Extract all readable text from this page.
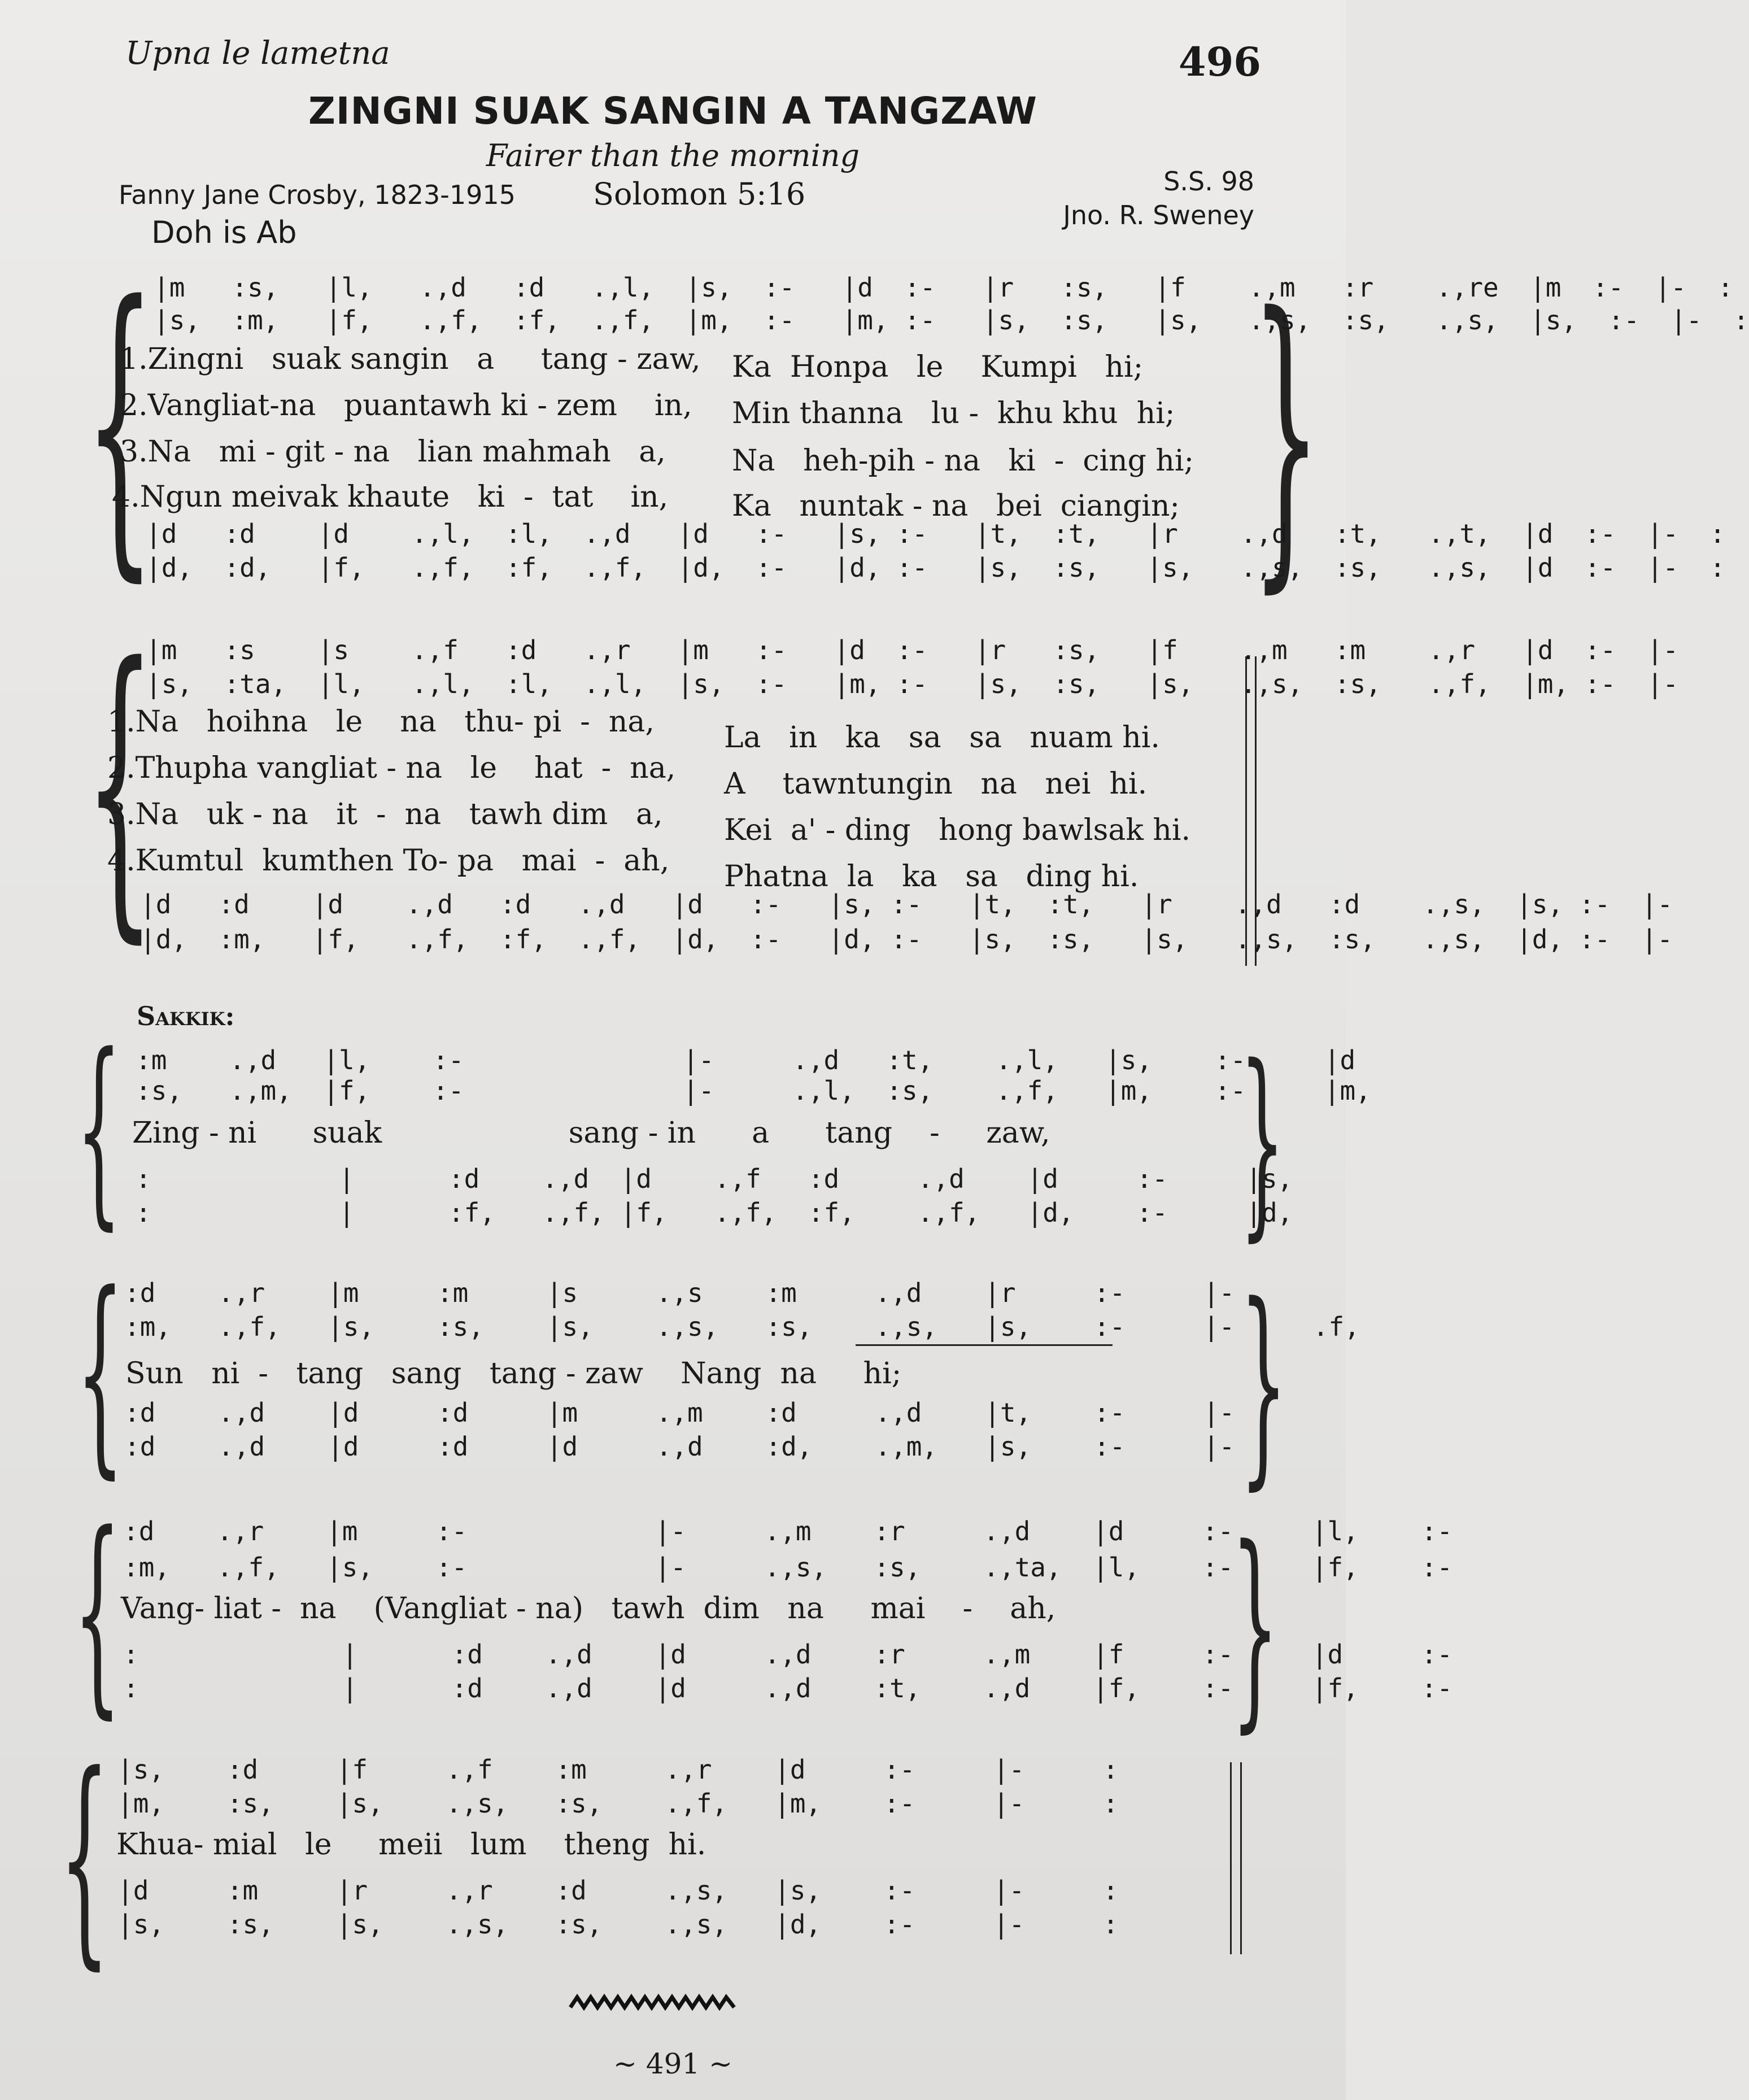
Upna le lametna	496
ZINGNI SUAK SANGIN A TANGZAW
Fairer than the morning
Fanny Jane Crosby, 1823-1915	Solomon 5:16	S.S. 98
Jno. R. Sweney
Doh is Ab
{	}
|m   :s,   |l,   .,d   :d   .,l,  |s,  :-   |d  :-   |r   :s,   |f    .,m   :r    .,re  |m  :-  |-  :
|s,  :m,   |f,   .,f,  :f,  .,f,  |m,  :-   |m, :-   |s,  :s,   |s,   .,s,  :s,   .,s,  |s,  :-  |-  :
1.Zingni   suak sangin   a     tang - zaw,
2.Vangliat-na   puantawh ki - zem    in,
3.Na   mi - git - na   lian mahmah   a,
4.Ngun meivak khaute   ki  -  tat    in,
Ka  Honpa   le    Kumpi   hi;
Min thanna   lu -  khu khu  hi;
Na   heh-pih - na   ki  -  cing hi;
Ka   nuntak - na   bei  ciangin;
|d   :d    |d    .,l,  :l,  .,d   |d   :-   |s, :-   |t,  :t,   |r    .,d   :t,   .,t,  |d  :-  |-  :
|d,  :d,   |f,   .,f,  :f,  .,f,  |d,  :-   |d, :-   |s,  :s,   |s,   .,s,  :s,   .,s,  |d  :-  |-  :
{
|m   :s    |s    .,f   :d   .,r   |m   :-   |d  :-   |r   :s,   |f    .,m   :m    .,r   |d  :-  |-
|s,  :ta,  |l,   .,l,  :l,  .,l,  |s,  :-   |m, :-   |s,  :s,   |s,   .,s,  :s,   .,f,  |m, :-  |-
1.Na   hoihna   le    na   thu- pi  -  na,
2.Thupha vangliat - na   le    hat  -  na,
3.Na   uk - na   it  -  na   tawh dim   a,
4.Kumtul  kumthen To- pa   mai  -  ah,
La   in   ka   sa   sa   nuam hi.
A    tawntungin   na   nei  hi.
Kei  a' - ding   hong bawlsak hi.
Phatna  la   ka   sa   ding hi.
|d   :d    |d    .,d   :d   .,d   |d   :-   |s, :-   |t,  :t,   |r    .,d   :d    .,s,  |s, :-  |-
|d,  :m,   |f,   .,f,  :f,  .,f,  |d,  :-   |d, :-   |s,  :s,   |s,   .,s,  :s,   .,s,  |d, :-  |-
Sakkik:
{	}
:m    .,d   |l,    :-              |-     .,d   :t,    .,l,   |s,    :-     |d
:s,   .,m,  |f,    :-              |-     .,l,  :s,    .,f,   |m,    :-     |m,
Zing - ni      suak                    sang - in      a      tang    -     zaw,
:            |      :d    .,d  |d    .,f   :d     .,d    |d     :-     |s,
:            |      :f,   .,f, |f,   .,f,  :f,    .,f,   |d,    :-     |d,
{	}
:d    .,r    |m     :m     |s     .,s    :m     .,d    |r     :-     |-
:m,   .,f,   |s,    :s,    |s,    .,s,   :s,    .,s,   |s,    :-     |-     .f,
Sun   ni  -   tang   sang   tang - zaw    Nang  na     hi;
:d    .,d    |d     :d     |m     .,m    :d     .,d    |t,    :-     |-
:d    .,d    |d     :d     |d     .,d    :d,    .,m,   |s,    :-     |-
{	}
:d    .,r    |m     :-            |-     .,m    :r     .,d    |d     :-     |l,    :-
:m,   .,f,   |s,    :-            |-     .,s,   :s,    .,ta,  |l,    :-     |f,    :-
Vang- liat -  na    (Vangliat - na)   tawh  dim   na     mai    -    ah,
:             |      :d    .,d    |d     .,d    :r     .,m    |f     :-     |d     :-
:             |      :d    .,d    |d     .,d    :t,    .,d    |f,    :-     |f,    :-
{ |s,    :d     |f     .,f    :m     .,r    |d     :-     |-     :
|m,    :s,    |s,    .,s,   :s,    .,f,   |m,    :-     |-     :
Khua- mial   le     meii   lum    theng  hi.
|d     :m     |r     .,r    :d     .,s,   |s,    :-     |-     :
|s,    :s,    |s,    .,s,   :s,    .,s,   |d,    :-     |-     :
~ 491 ~
